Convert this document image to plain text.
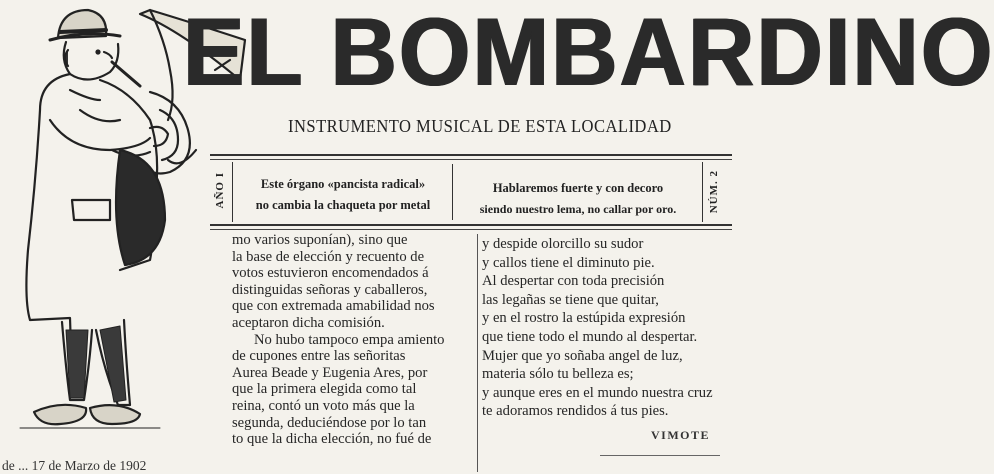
EL BOMBARDINO
INSTRUMENTO MUSICAL DE ESTA LOCALIDAD
AÑO I	NÚM. 2
Este órgano «pancista radical»
no cambia la chaqueta por metal
Hablaremos fuerte y con decoro
siendo nuestro lema, no callar por oro.
mo varios suponían), sino que
la base de elección y recuento de
votos estuvieron encomendados á
distinguidas señoras y caballeros,
que con extremada amabilidad nos
aceptaron dicha comisión.
No hubo tampoco empa amiento
de cupones entre las señoritas
Aurea Beade y Eugenia Ares, por
que la primera elegida como tal
reina, contó un voto más que la
segunda, deduciéndose por lo tan
to que la dicha elección, no fué de
y despide olorcillo su sudor
y callos tiene el diminuto pie.
Al despertar con toda precisión
las legañas se tiene que quitar,
y en el rostro la estúpida expresión
que tiene todo el mundo al despertar.
Mujer que yo soñaba angel de luz,
materia sólo tu belleza es;
y aunque eres en el mundo nuestra cruz
te adoramos rendidos á tus pies.
VIMOTE
de ... 17 de Marzo de 1902
